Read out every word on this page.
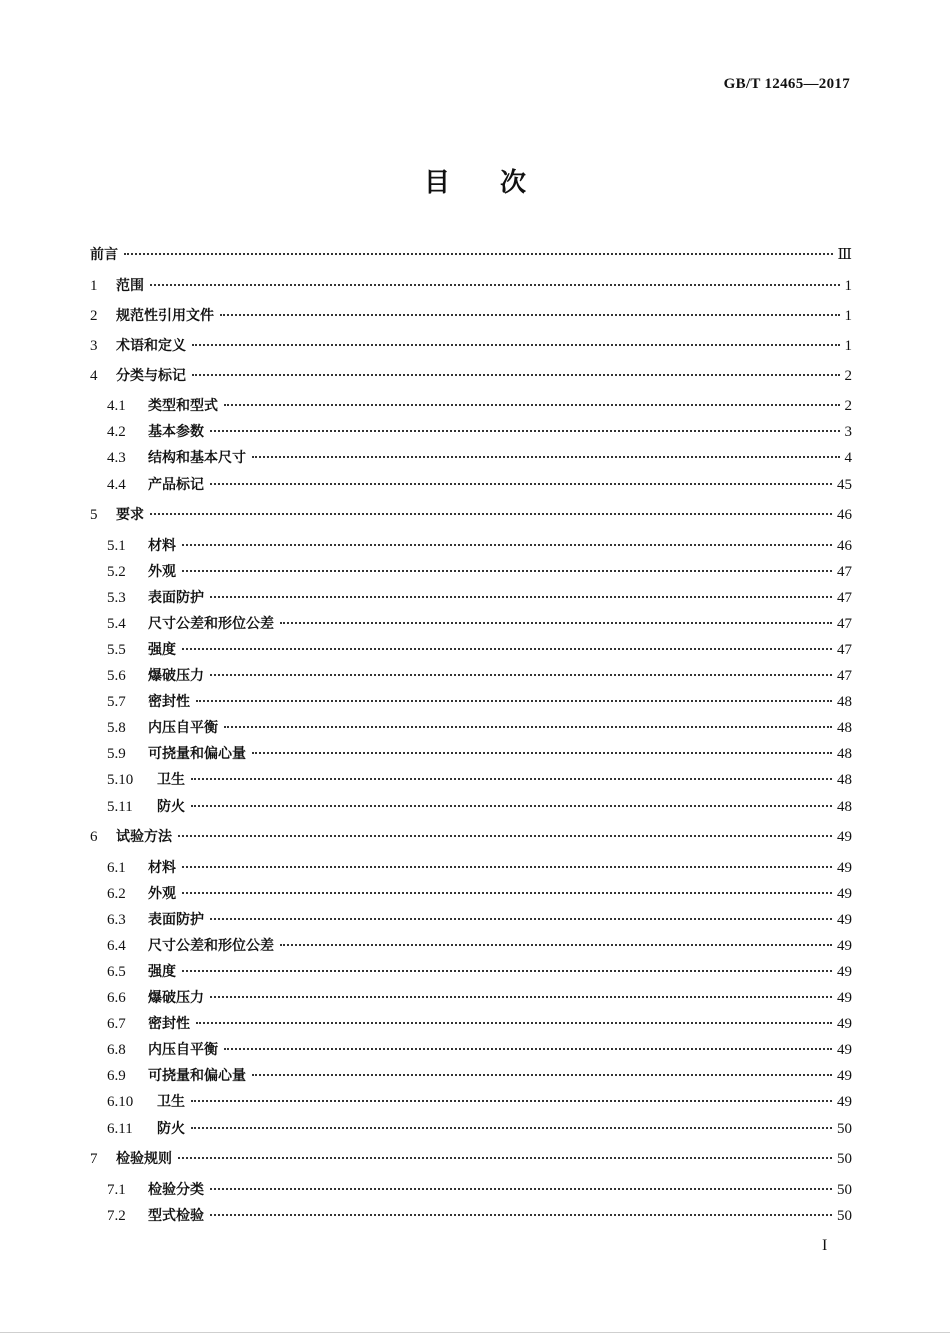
GB/T 12465—2017
目次
前言	Ⅲ
1	范围	1
2	规范性引用文件	1
3	术语和定义	1
4	分类与标记	2
4.1	类型和型式	2
4.2	基本参数	3
4.3	结构和基本尺寸	4
4.4	产品标记	45
5	要求	46
5.1	材料	46
5.2	外观	47
5.3	表面防护	47
5.4	尺寸公差和形位公差	47
5.5	强度	47
5.6	爆破压力	47
5.7	密封性	48
5.8	内压自平衡	48
5.9	可挠量和偏心量	48
5.10	卫生	48
5.11	防火	48
6	试验方法	49
6.1	材料	49
6.2	外观	49
6.3	表面防护	49
6.4	尺寸公差和形位公差	49
6.5	强度	49
6.6	爆破压力	49
6.7	密封性	49
6.8	内压自平衡	49
6.9	可挠量和偏心量	49
6.10	卫生	49
6.11	防火	50
7	检验规则	50
7.1	检验分类	50
7.2	型式检验	50
I
